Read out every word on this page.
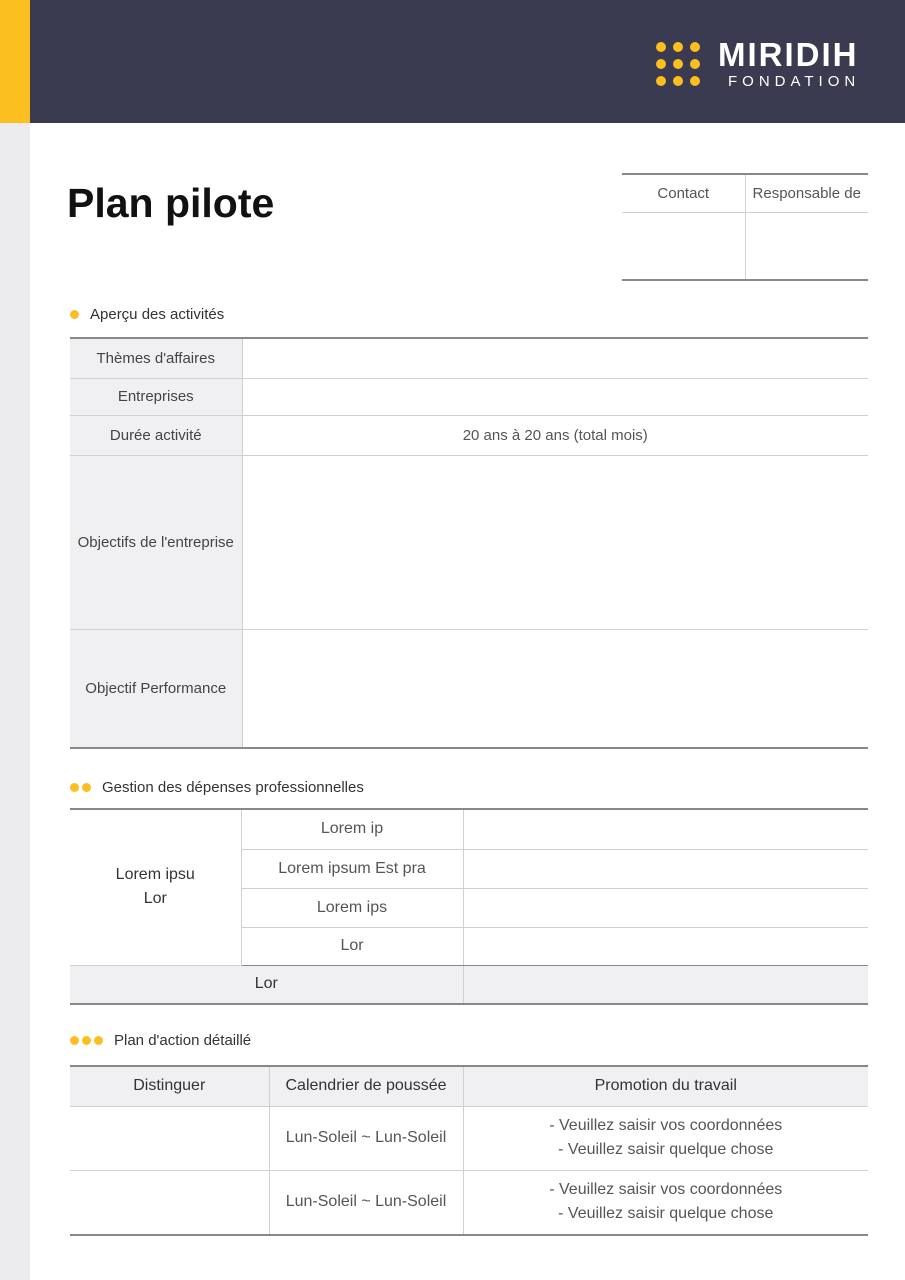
MIRIDIH
FONDATION
Plan pilote	Contact	Responsable de

Aperçu des activités
Thèmes d'affaires	
Entreprises	
Durée activité	20 ans à 20 ans (total mois)
Objectifs de l'entreprise	
Objectif Performance	
Gestion des dépenses professionnelles
Lorem ipsu Lor	Lorem ip	
	Lorem ipsum Est pra	
	Lorem ips	
	Lor	
Lor		
Plan d'action détaillé
Distinguer	Calendrier de poussée	Promotion du travail
	Lun-Soleil ~ Lun-Soleil	- Veuillez saisir vos coordonnées
- Veuillez saisir quelque chose

	Lun-Soleil ~ Lun-Soleil	- Veuillez saisir vos coordonnées
- Veuillez saisir quelque chose
